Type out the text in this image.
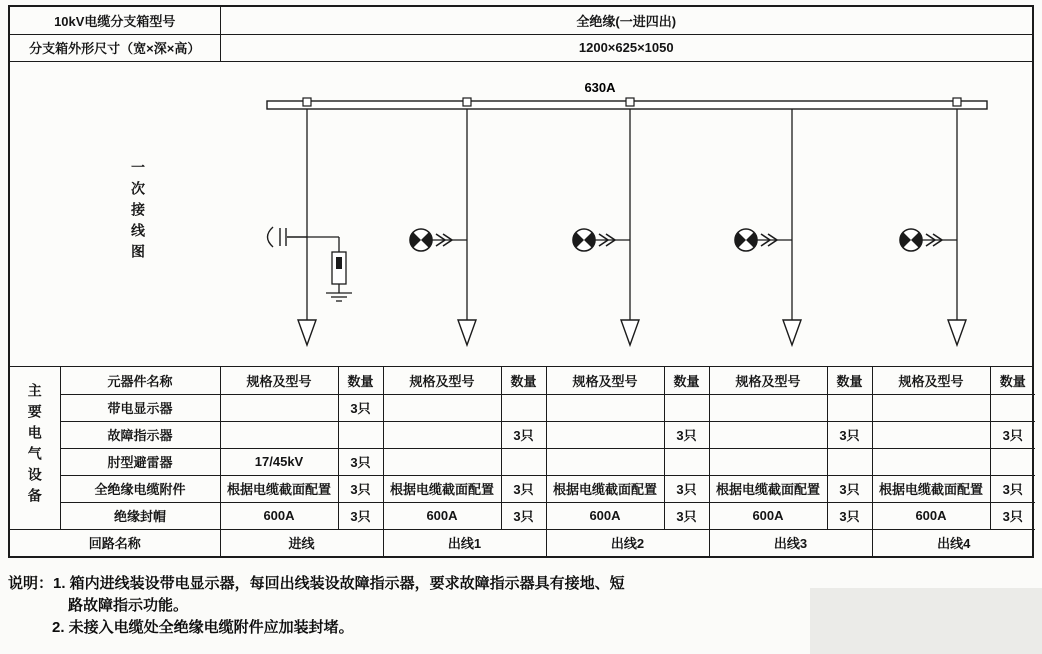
10kV电缆分支箱型号	全绝缘(一进四出)
分支箱外形尺寸（宽×深×高）	1200×625×1050
一次接线图
630A
主要电气设备	元器件名称	规格及型号	数量	规格及型号	数量	规格及型号	数量	规格及型号	数量	规格及型号	数量
	带电显示器		3只								
	故障指示器				3只		3只		3只		3只
	肘型避雷器	17/45kV	3只								
	全绝缘电缆附件	根据电缆截面配置	3只	根据电缆截面配置	3只	根据电缆截面配置	3只	根据电缆截面配置	3只	根据电缆截面配置	3只
	绝缘封帽	600A	3只	600A	3只	600A	3只	600A	3只	600A	3只
回路名称		进线		出线1		出线2		出线3		出线4	
说明：1. 箱内进线装设带电显示器，每回出线装设故障指示器，要求故障指示器具有接地、短
路故障指示功能。
2. 未接入电缆处全绝缘电缆附件应加装封堵。
